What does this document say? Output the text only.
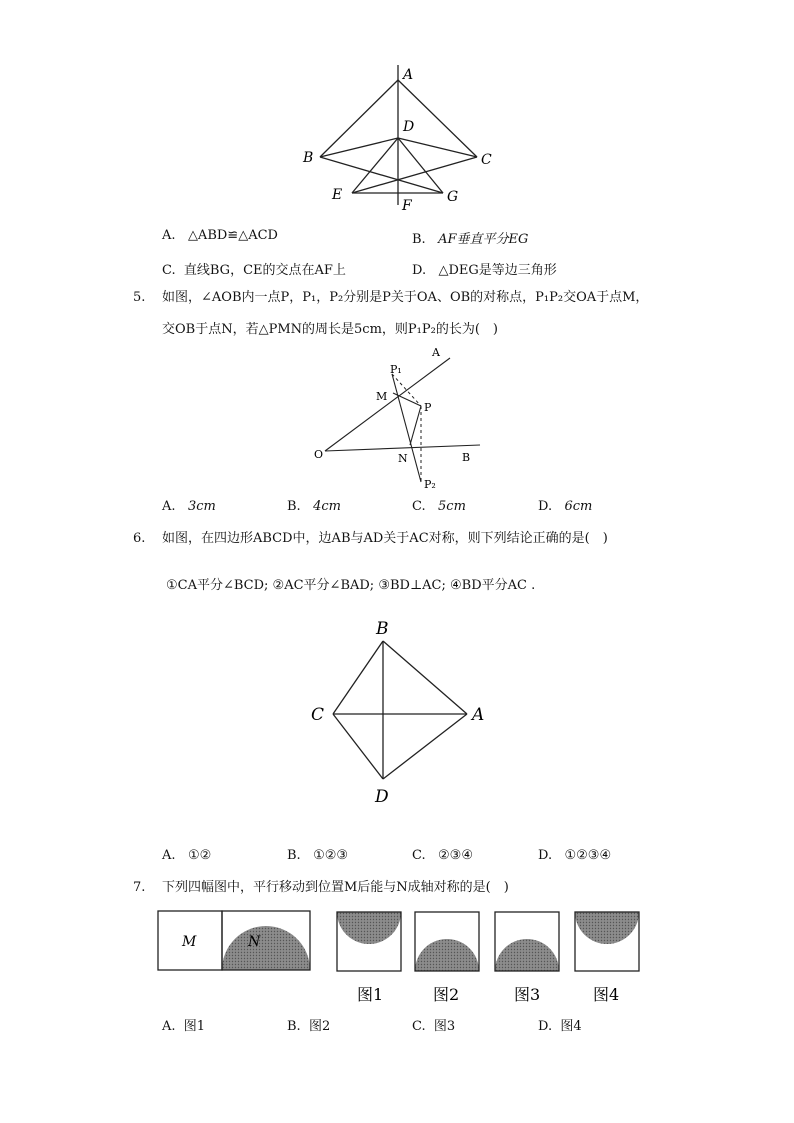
A
B	C
D
E
F
G
A. △ABD≌△ACD	B. AF垂直平分EG
C. 直线BG，CE的交点在AF上	D. △DEG是等边三角形
5. 如图，∠AOB内一点P，P₁，P₂分别是P关于OA、OB的对称点，P₁P₂交OA于点M，
交OB于点N，若△PMN的周长是5cm，则P₁P₂的长为(　)
A
B
O
M
N
P
P₁
P₂
A. 3cm	B. 4cm	C. 5cm	D. 6cm
6. 如图，在四边形ABCD中，边AB与AD关于AC对称，则下列结论正确的是(　)
①CA平分∠BCD; ②AC平分∠BAD; ③BD⊥AC; ④BD平分AC .
B
C	A
D
A. ①②	B. ①②③	C. ②③④	D. ①②③④
7. 下列四幅图中，平行移动到位置M后能与N成轴对称的是(　)
M	N
图1	图2	图3	图4
A. 图1	B. 图2	C. 图3	D. 图4
